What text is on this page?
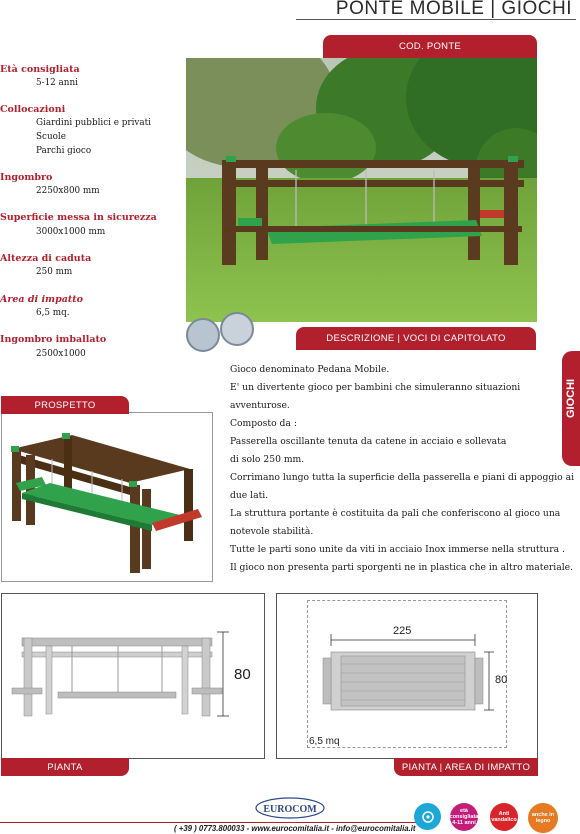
PONTE MOBILE | GIOCHI
COD. PONTE
Età consigliata
5-12 anni
Collocazioni
Giardini pubblici e privati
Scuole
Parchi gioco
Ingombro
2250x800 mm
Superficie messa in sicurezza
3000x1000 mm
Altezza di caduta
250 mm
Area di impatto
6,5 mq.
Ingombro imballato
2500x1000
DESCRIZIONE | VOCI DI CAPITOLATO

Gioco denominato Pedana Mobile.

E' un divertente gioco per bambini che simuleranno situazioni

avventurose.

Composto da :

Passerella oscillante tenuta da catene in acciaio e sollevata

di solo 250 mm.

Corrimano lungo tutta la superficie della passerella e piani di appoggio ai

due lati.

La struttura portante è costituita da pali che conferiscono al gioco una

notevole stabilità.

Tutte le parti sono unite da viti in acciaio Inox immerse nella struttura .

Il gioco non presenta parti sporgenti ne in plastica che in altro materiale.

GIOCHI
PROSPETTO
80
PIANTA
225
80
6,5 mq
PIANTA | AREA DI IMPATTO
EUROCOM
( +39 ) 0773.800033 - www.eurocomitalia.it - info@eurocomitalia.it
età consigliata 4-11 anni
Anti vandalico
anche in legno
